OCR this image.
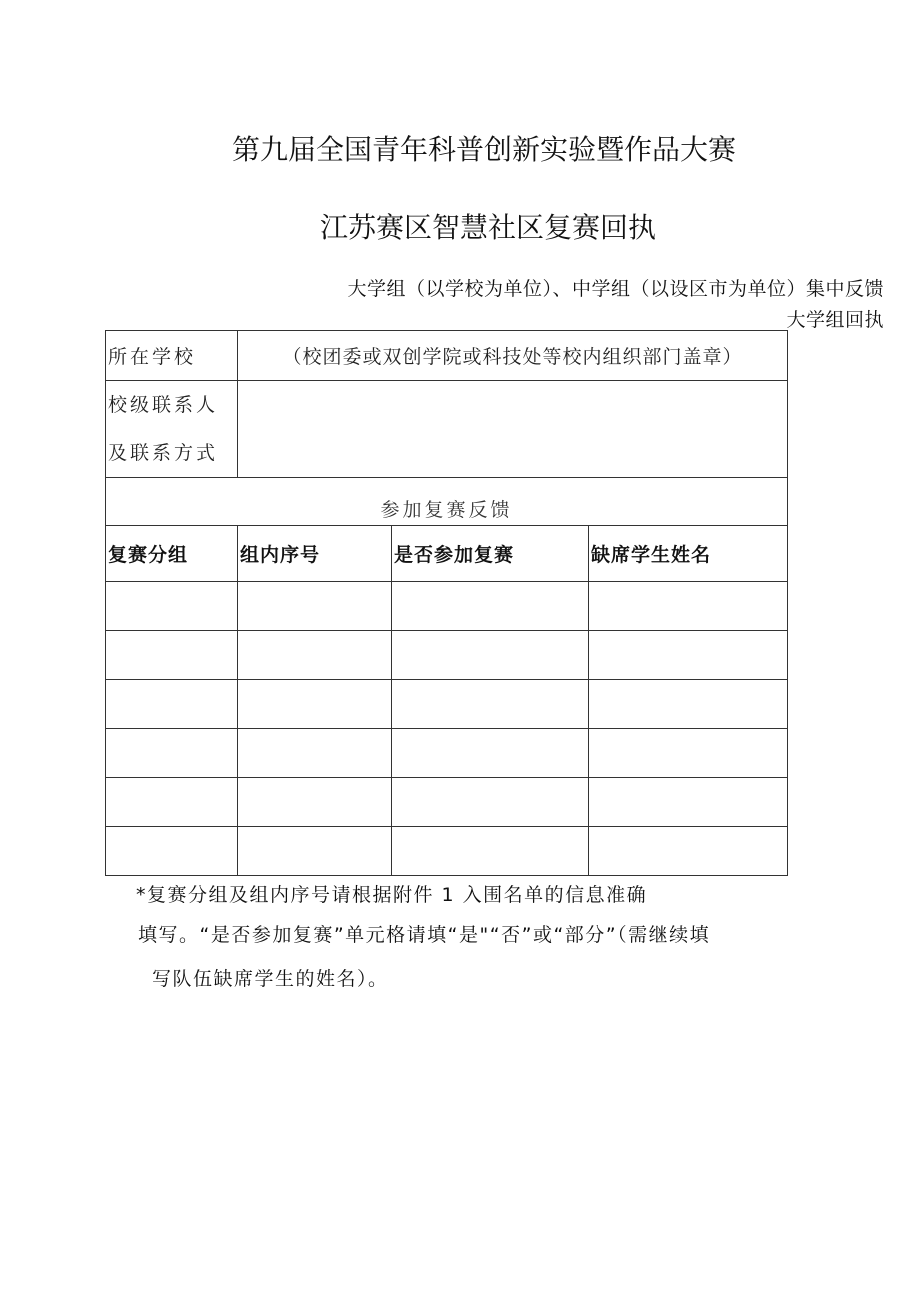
第九届全国青年科普创新实验暨作品大赛
江苏赛区智慧社区复赛回执
大学组（以学校为单位）、中学组（以设区市为单位）集中反馈
大学组回执
所在学校	（校团委或双创学院或科技处等校内组织部门盖章）		

校级联系人
及联系方式			

参加复赛反馈			
复赛分组	组内序号	是否参加复赛	缺席学生姓名

*复赛分组及组内序号请根据附件 1 入围名单的信息准确
填写。“是否参加复赛”单元格请填“是"“否”或“部分”（需继续填
写队伍缺席学生的姓名）。
